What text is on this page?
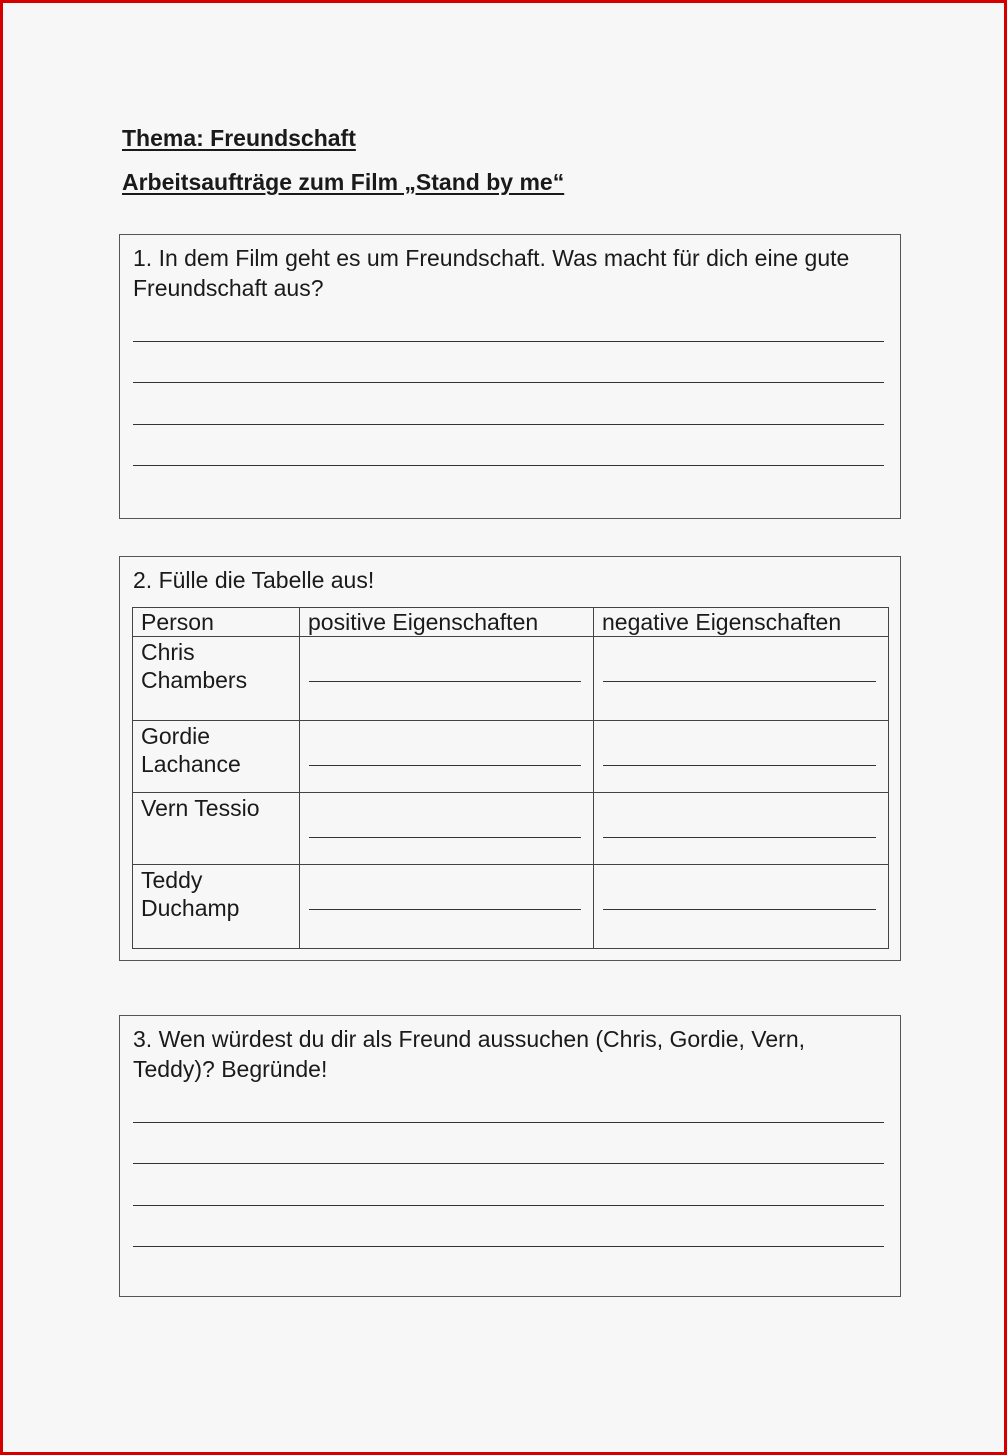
Thema: Freundschaft
Arbeitsaufträge zum Film „Stand by me“

1. In dem Film geht es um Freundschaft. Was macht für dich eine gute Freundschaft aus?

2. Fülle die Tabelle aus!

Person	positive Eigenschaften	negative Eigenschaften

Chris Chambers		

Gordie Lachance		

Vern Tessio		

Teddy Duchamp		

3. Wen würdest du dir als Freund aussuchen (Chris, Gordie, Vern, Teddy)? Begründe!
